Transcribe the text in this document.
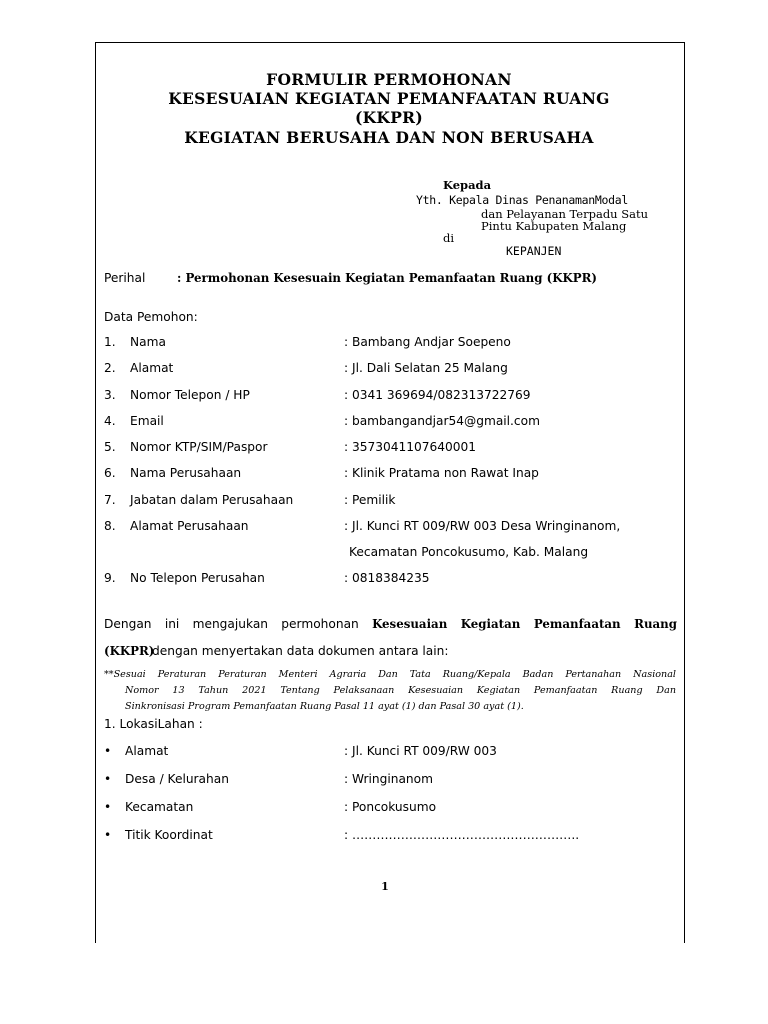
FORMULIR PERMOHONAN
KESESUAIAN KEGIATAN PEMANFAATAN RUANG
(KKPR)
KEGIATAN BERUSAHA DAN NON BERUSAHA
Kepada
Yth. Kepala Dinas PenanamanModal
dan Pelayanan Terpadu Satu
Pintu Kabupaten Malang
di
KEPANJEN
Perihal	: Permohonan Kesesuain Kegiatan Pemanfaatan Ruang (KKPR)
Data Pemohon:
1. Nama	: Bambang Andjar Soepeno
2. Alamat	: Jl. Dali Selatan 25 Malang
3. Nomor Telepon / HP	: 0341 369694/082313722769
4. Email	: bambangandjar54@gmail.com
5. Nomor KTP/SIM/Paspor	: 3573041107640001
6. Nama Perusahaan	: Klinik Pratama non Rawat Inap
7. Jabatan dalam Perusahaan	: Pemilik
8. Alamat Perusahaan	: Jl. Kunci RT 009/RW 003 Desa Wringinanom,
Kecamatan Poncokusumo, Kab. Malang
9. No Telepon Perusahan	: 0818384235
Dengan ini mengajukan permohonan Kesesuaian Kegiatan Pemanfaatan Ruang
(KKPR)
dengan menyertakan data dokumen antara lain:
**Sesuai Peraturan Peraturan Menteri Agraria Dan Tata Ruang/Kepala Badan Pertanahan Nasional
Nomor 13 Tahun 2021 Tentang Pelaksanaan Kesesuaian Kegiatan Pemanfaatan Ruang Dan
Sinkronisasi Program Pemanfaatan Ruang Pasal 11 ayat (1) dan Pasal 30 ayat (1).
1. LokasiLahan :
• Alamat	: Jl. Kunci RT 009/RW 003
• Desa / Kelurahan	: Wringinanom
• Kecamatan	: Poncokusumo
• Titik Koordinat	: ………………………………………………..
1
